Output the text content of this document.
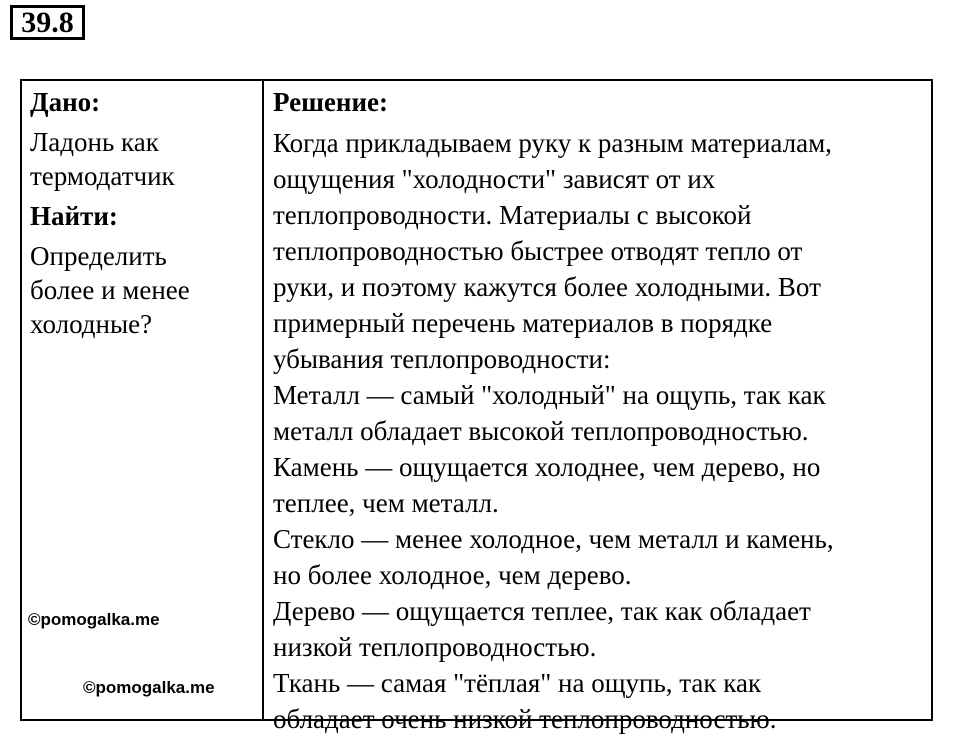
39.8

Дано:

Ладонь как
термодатчик

Найти:

Определить
более и менее
холодные?

Решение:

Когда прикладываем руку к разным материалам,
ощущения "холодности" зависят от их
теплопроводности. Материалы с высокой
теплопроводностью быстрее отводят тепло от
руки, и поэтому кажутся более холодными. Вот
примерный перечень материалов в порядке
убывания теплопроводности:

Металл — самый "холодный" на ощупь, так как
металл обладает высокой теплопроводностью.

Камень — ощущается холоднее, чем дерево, но
теплее, чем металл.

Стекло — менее холодное, чем металл и камень,
но более холодное, чем дерево.

Дерево — ощущается теплее, так как обладает
низкой теплопроводностью.

Ткань — самая "тёплая" на ощупь, так как
обладает очень низкой теплопроводностью.

©pomogalka.me
©pomogalka.me
